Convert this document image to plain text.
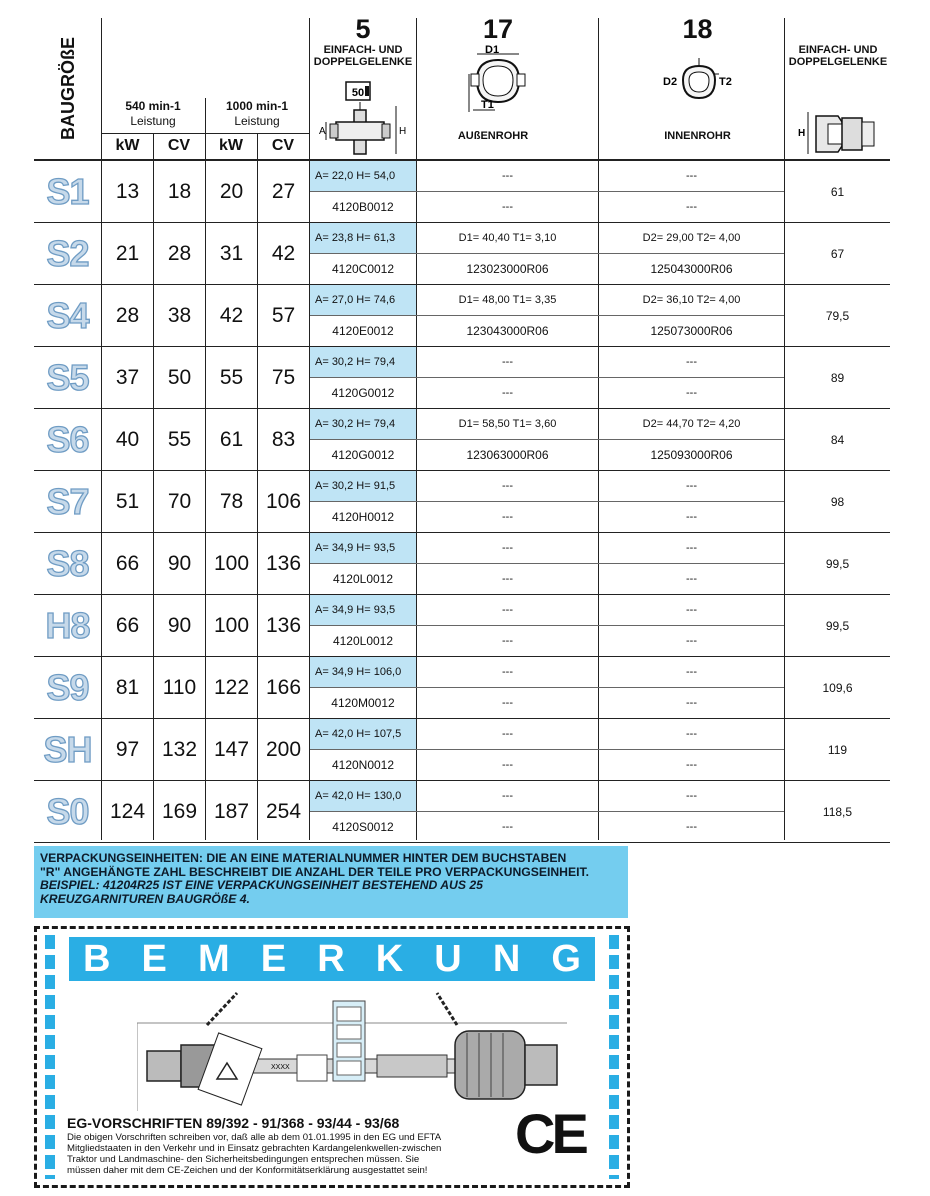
BAUGRÖßE	540 min-1
Leistung
1000 min-1
Leistung
kW	CV	kW	CV
5
EINFACH- UND DOPPELGELENKE
50
A	H
17
D1
T1
AUßENROHR
18
D2	T2
INNENROHR
EINFACH- UND DOPPELGELENKE
H
S1	13	18	20	27
A= 22,0 H= 54,0
4120B0012
---
---
---
---
61
S2	21	28	31	42
A= 23,8 H= 61,3
4120C0012
D1= 40,40 T1= 3,10
123023000R06
D2= 29,00 T2= 4,00
125043000R06
67
S4	28	38	42	57
A= 27,0 H= 74,6
4120E0012
D1= 48,00 T1= 3,35
123043000R06
D2= 36,10 T2= 4,00
125073000R06
79,5
S5	37	50	55	75
A= 30,2 H= 79,4
4120G0012
---
---
---
---
89
S6	40	55	61	83
A= 30,2 H= 79,4
4120G0012
D1= 58,50 T1= 3,60
123063000R06
D2= 44,70 T2= 4,20
125093000R06
84
S7	51	70	78	106
A= 30,2 H= 91,5
4120H0012
---
---
---
---
98
S8	66	90	100 136
A= 34,9 H= 93,5
4120L0012
---
---
---
---
99,5
H8	66	90	100 136
A= 34,9 H= 93,5
4120L0012
---
---
---
---
99,5
S9	81	110 122 166
A= 34,9 H= 106,0
4120M0012
---
---
---
---
109,6
SH	97	132 147 200
A= 42,0 H= 107,5
4120N0012
---
---
---
---
119
S0	124 169 187 254
A= 42,0 H= 130,0
4120S0012
---
---
---
---
118,5
VERPACKUNGSEINHEITEN: DIE AN EINE MATERIALNUMMER HINTER DEM BUCHSTABEN
"R" ANGEHÄNGTE ZAHL BESCHREIBT DIE ANZAHL DER TEILE PRO VERPACKUNGSEINHEIT.
BEISPIEL: 41204R25 IST EINE VERPACKUNGSEINHEIT BESTEHEND AUS 25
KREUZGARNITUREN BAUGRÖßE 4.
B E M E R K U N G
XXXX
EG-VORSCHRIFTEN 89/392 - 91/368 - 93/44 - 93/68
Die obigen Vorschriften schreiben vor, daß alle ab dem 01.01.1995 in den EG und EFTA
Mitgliedstaaten in den Verkehr und in Einsatz gebrachten Kardangelenkwellen-zwischen
Traktor und Landmaschine- den Sicherheitsbedingungen entsprechen müssen. Sie
müssen daher mit dem CE-Zeichen und der Konformitätserklärung ausgestattet sein!
CE
